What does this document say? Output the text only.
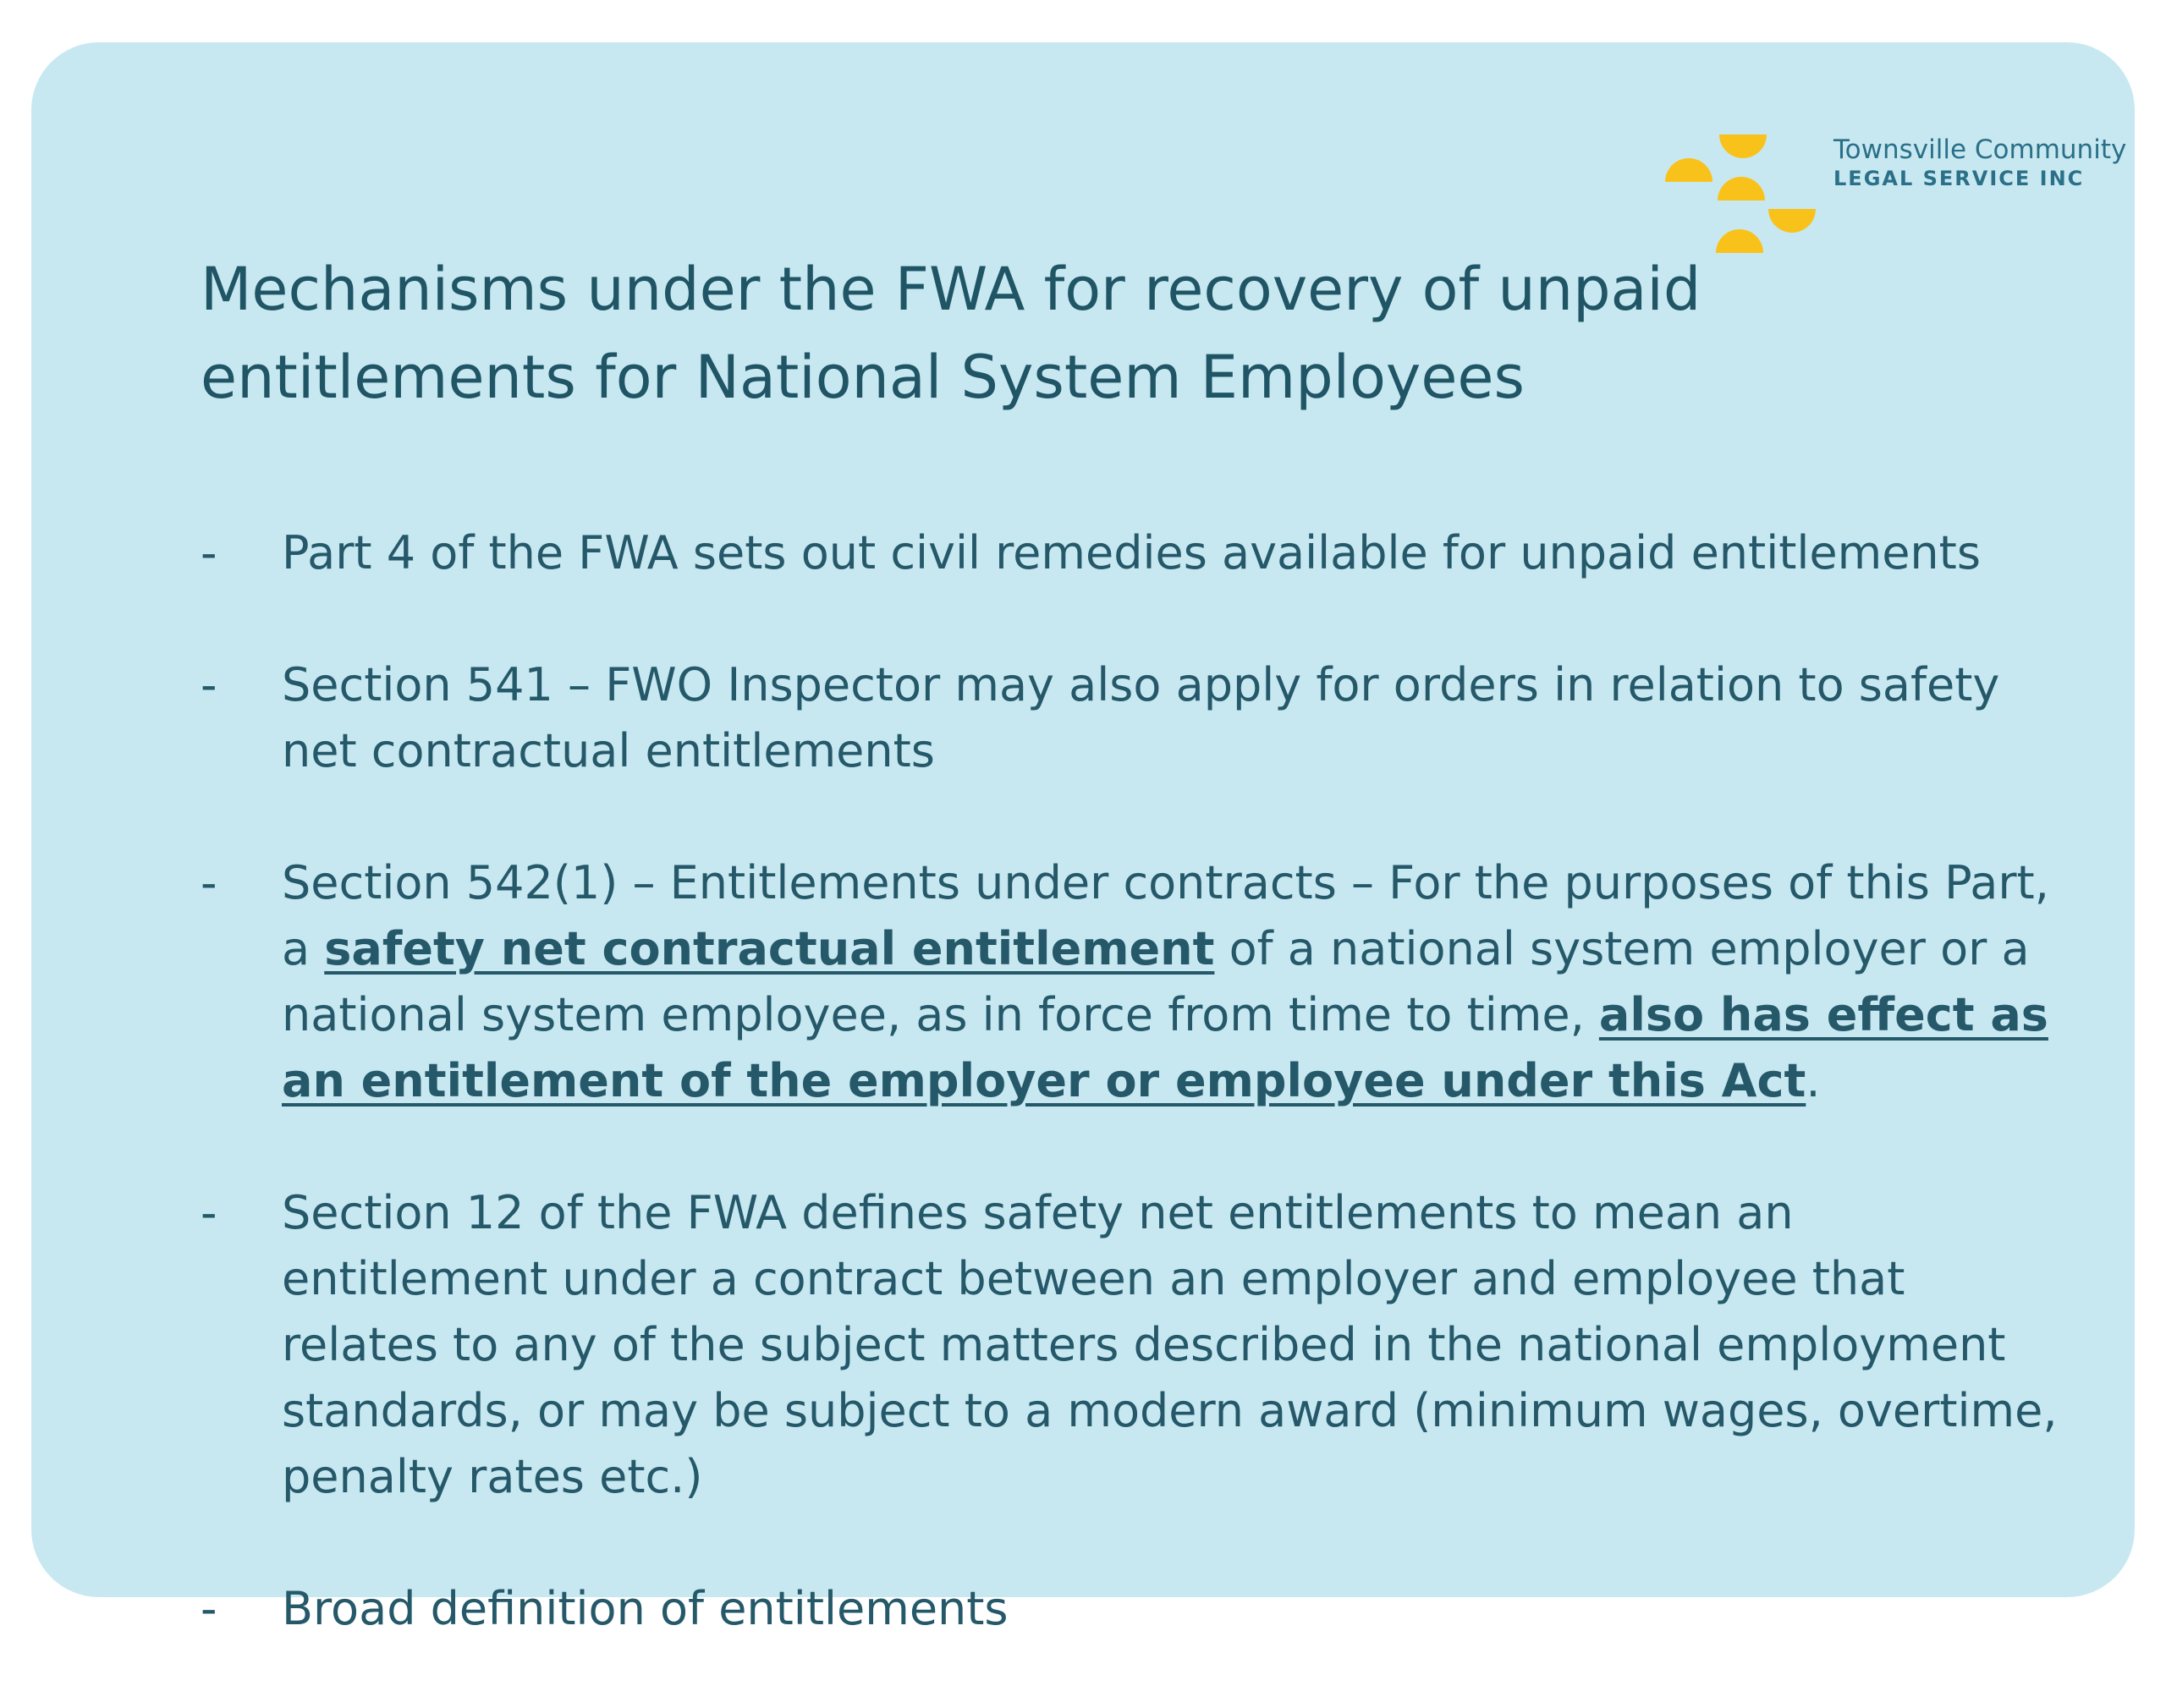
Townsville Community
LEGAL SERVICE INC
Mechanisms under the FWA for recovery of unpaid entitlements for National System Employees
-	Part 4 of the FWA sets out civil remedies available for unpaid entitlements
-	Section 541 – FWO Inspector may also apply for orders in relation to safety net contractual entitlements
-	Section 542(1) – Entitlements under contracts – For the purposes of this Part, a safety net contractual entitlement of a national system employer or a national system employee, as in force from time to time, also has effect as an entitlement of the employer or employee under this Act.
-	Section 12 of the FWA defines safety net entitlements to mean an entitlement under a contract between an employer and employee that relates to any of the subject matters described in the national employment standards, or may be subject to a modern award (minimum wages, overtime, penalty rates etc.)
-	Broad definition of entitlements
